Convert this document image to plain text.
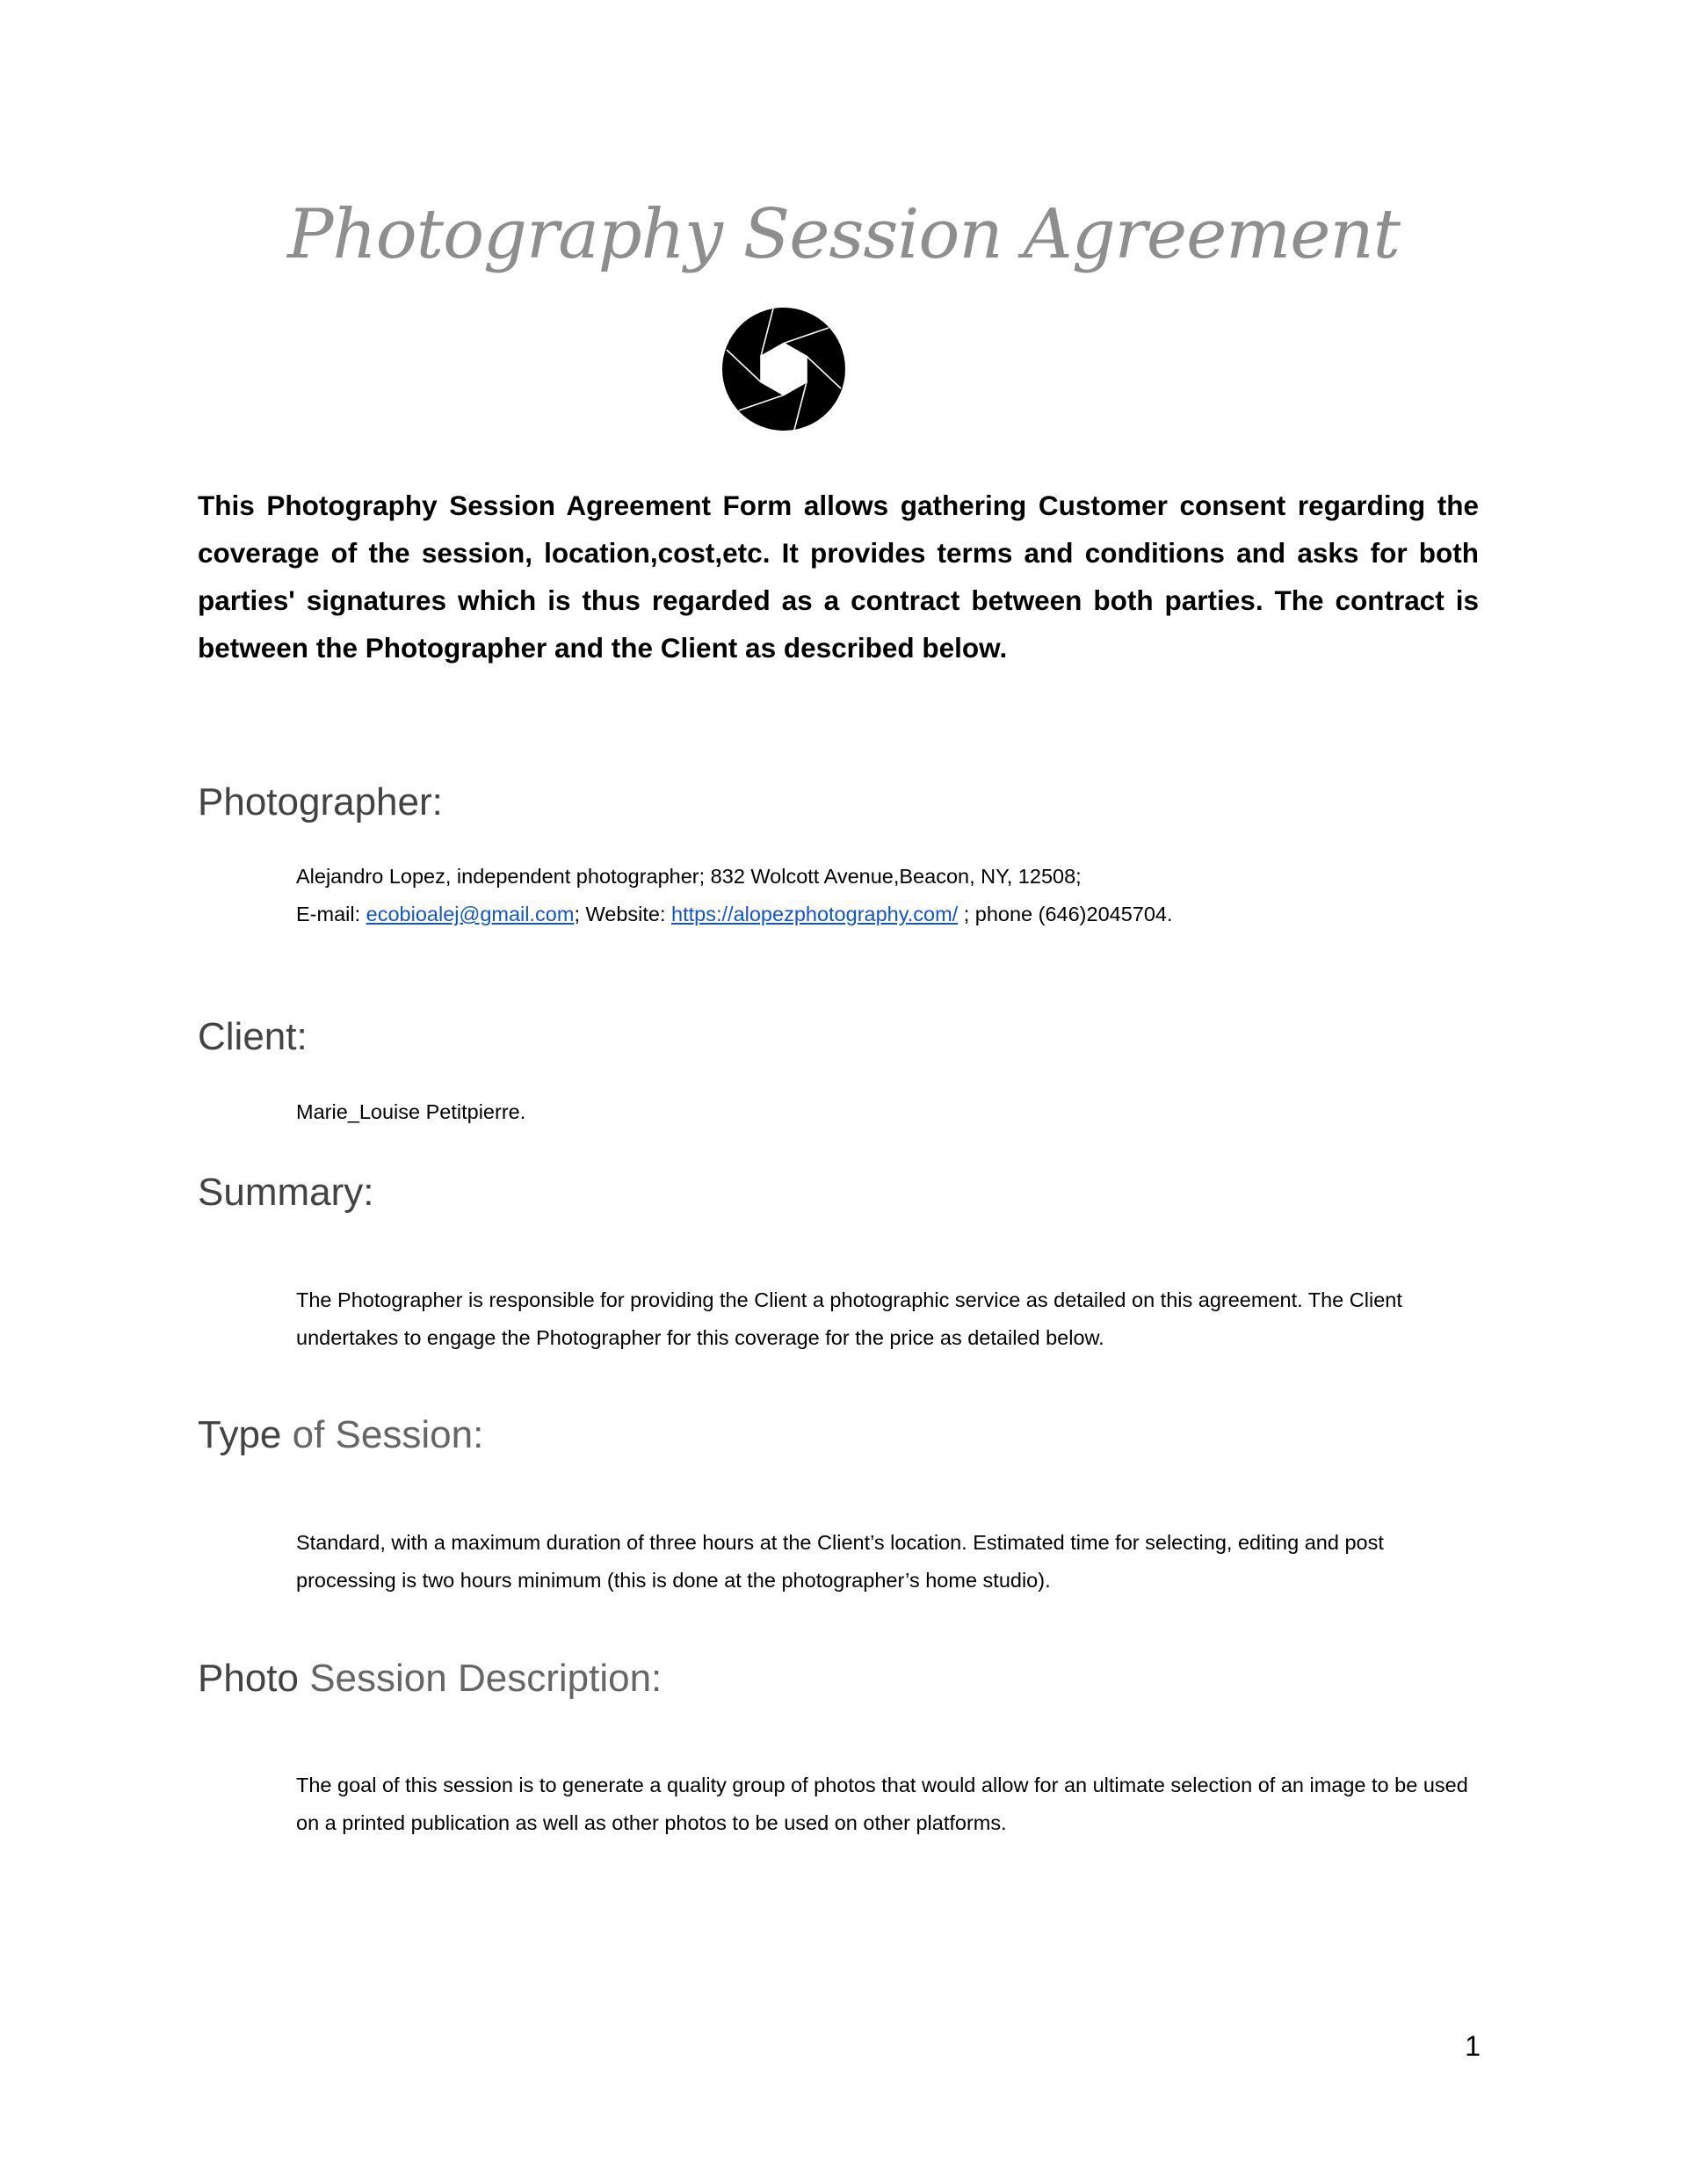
Photography Session Agreement

This Photography Session Agreement Form allows gathering Customer consent regarding the coverage of the session, location,cost,etc. It provides terms and conditions and asks for both parties' signatures which is thus regarded as a contract between both parties. The contract is between the Photographer and the Client as described below.

Photographer:
Alejandro Lopez, independent photographer; 832 Wolcott Avenue,Beacon, NY, 12508;
E-mail: ecobioalej@gmail.com; Website: https://alopezphotography.com/ ; phone (646)2045704.
Client:
Marie_Louise Petitpierre.
Summary:
The Photographer is responsible for providing the Client a photographic service as detailed on this agreement. The Client undertakes to engage the Photographer for this coverage for the price as detailed below.
Type of Session:
Standard, with a maximum duration of three hours at the Client’s location. Estimated time for selecting, editing and post processing is two hours minimum (this is done at the photographer’s home studio).
Photo Session Description:
The goal of this session is to generate a quality group of photos that would allow for an ultimate selection of an image to be used on a printed publication as well as other photos to be used on other platforms.
1
